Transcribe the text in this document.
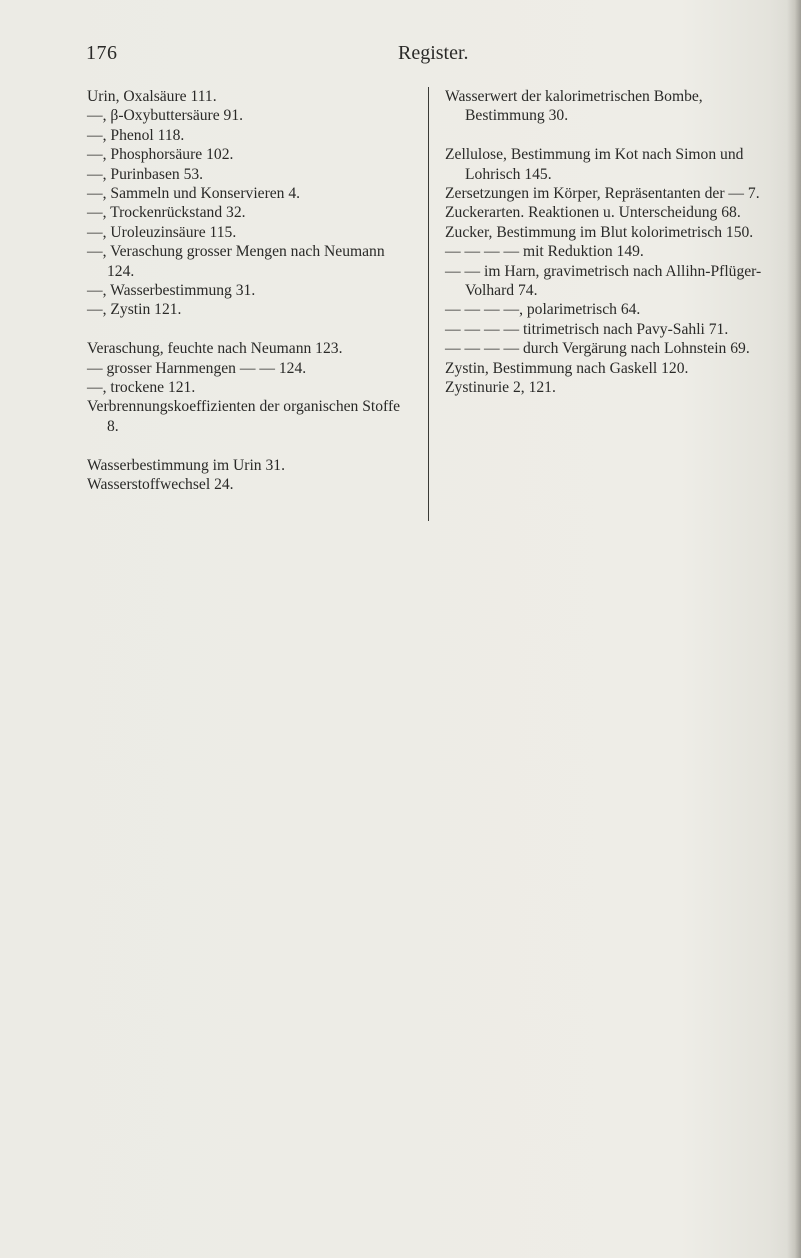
176	Register.

Urin, Oxalsäure 111.

—, β-Oxybuttersäure 91.

—, Phenol 118.

—, Phosphorsäure 102.

—, Purinbasen 53.

—, Sammeln und Konservieren 4.

—, Trockenrückstand 32.

—, Uroleuzinsäure 115.

—, Veraschung grosser Mengen nach Neumann 124.

—, Wasserbestimmung 31.

—, Zystin 121.

Veraschung, feuchte nach Neumann 123.

— grosser Harnmengen — — 124.

—, trockene 121.

Verbrennungskoeffizienten der organischen Stoffe 8.

Wasserbestimmung im Urin 31.

Wasserstoffwechsel 24.

Wasserwert der kalorimetrischen Bombe, Bestimmung 30.

Zellulose, Bestimmung im Kot nach Simon und Lohrisch 145.

Zersetzungen im Körper, Repräsentanten der — 7.

Zuckerarten. Reaktionen u. Unterscheidung 68.

Zucker, Bestimmung im Blut kolorimetrisch 150.

— — — — mit Reduktion 149.

— — im Harn, gravimetrisch nach Allihn-Pflüger-Volhard 74.

— — — —, polarimetrisch 64.

— — — — titrimetrisch nach Pavy-Sahli 71.

— — — — durch Vergärung nach Lohnstein 69.

Zystin, Bestimmung nach Gaskell 120.

Zystinurie 2, 121.
